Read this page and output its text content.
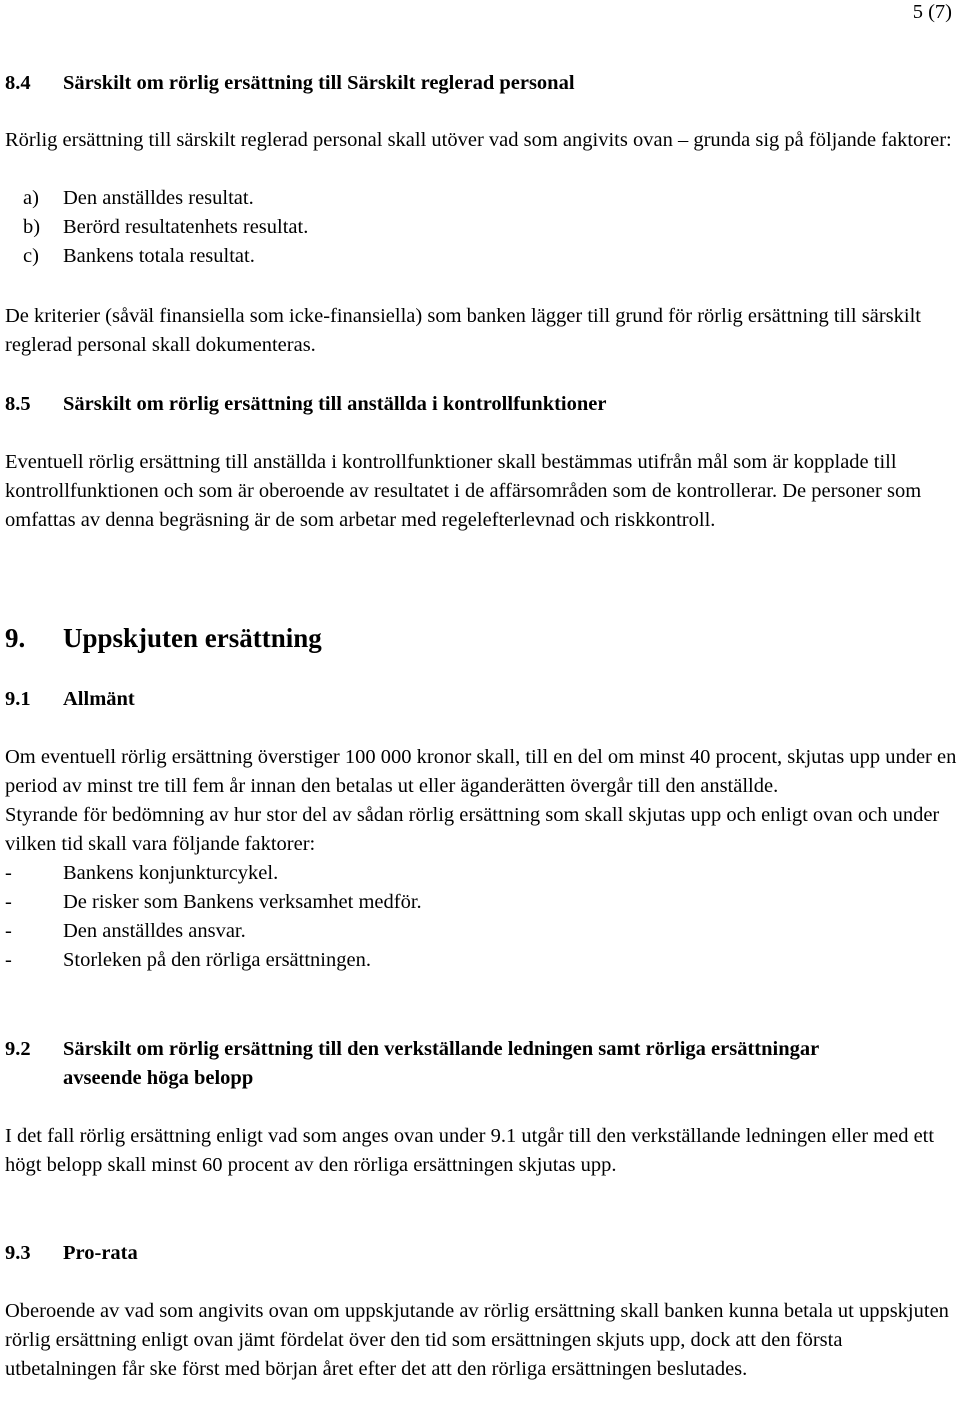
5 (7)
8.4	Särskilt om rörlig ersättning till Särskilt reglerad personal

Rörlig ersättning till särskilt reglerad personal skall utöver vad som angivits ovan – grunda sig på följande faktorer:

a)	Den anställdes resultat.
b)	Berörd resultatenhets resultat.
c)	Bankens totala resultat.

De kriterier (såväl finansiella som icke-finansiella) som banken lägger till grund för rörlig ersättning till särskilt reglerad personal skall dokumenteras.

8.5	Särskilt om rörlig ersättning till anställda i kontrollfunktioner

Eventuell rörlig ersättning till anställda i kontrollfunktioner skall bestämmas utifrån mål som är kopplade till kontrollfunktionen och som är oberoende av resultatet i de affärsområden som de kontrollerar. De personer som omfattas av denna begräsning är de som arbetar med regelefterlevnad och riskkontroll.

9.	Uppskjuten ersättning
9.1	Allmänt

Om eventuell rörlig ersättning överstiger 100 000 kronor skall, till en del om minst 40 procent, skjutas upp under en period av minst tre till fem år innan den betalas ut eller äganderätten övergår till den anställde.

Styrande för bedömning av hur stor del av sådan rörlig ersättning som skall skjutas upp och enligt ovan och under vilken tid skall vara följande faktorer:

-	Bankens konjunkturcykel.
-	De risker som Bankens verksamhet medför.
-	Den anställdes ansvar.
-	Storleken på den rörliga ersättningen.
9.2	Särskilt om rörlig ersättning till den verkställande ledningen samt rörliga ersättningar avseende höga belopp

I det fall rörlig ersättning enligt vad som anges ovan under 9.1 utgår till den verkställande ledningen eller med ett högt belopp skall minst 60 procent av den rörliga ersättningen skjutas upp.

9.3	Pro-rata

Oberoende av vad som angivits ovan om uppskjutande av rörlig ersättning skall banken kunna betala ut uppskjuten rörlig ersättning enligt ovan jämt fördelat över den tid som ersättningen skjuts upp, dock att den första utbetalningen får ske först med början året efter det att den rörliga ersättningen beslutades.
